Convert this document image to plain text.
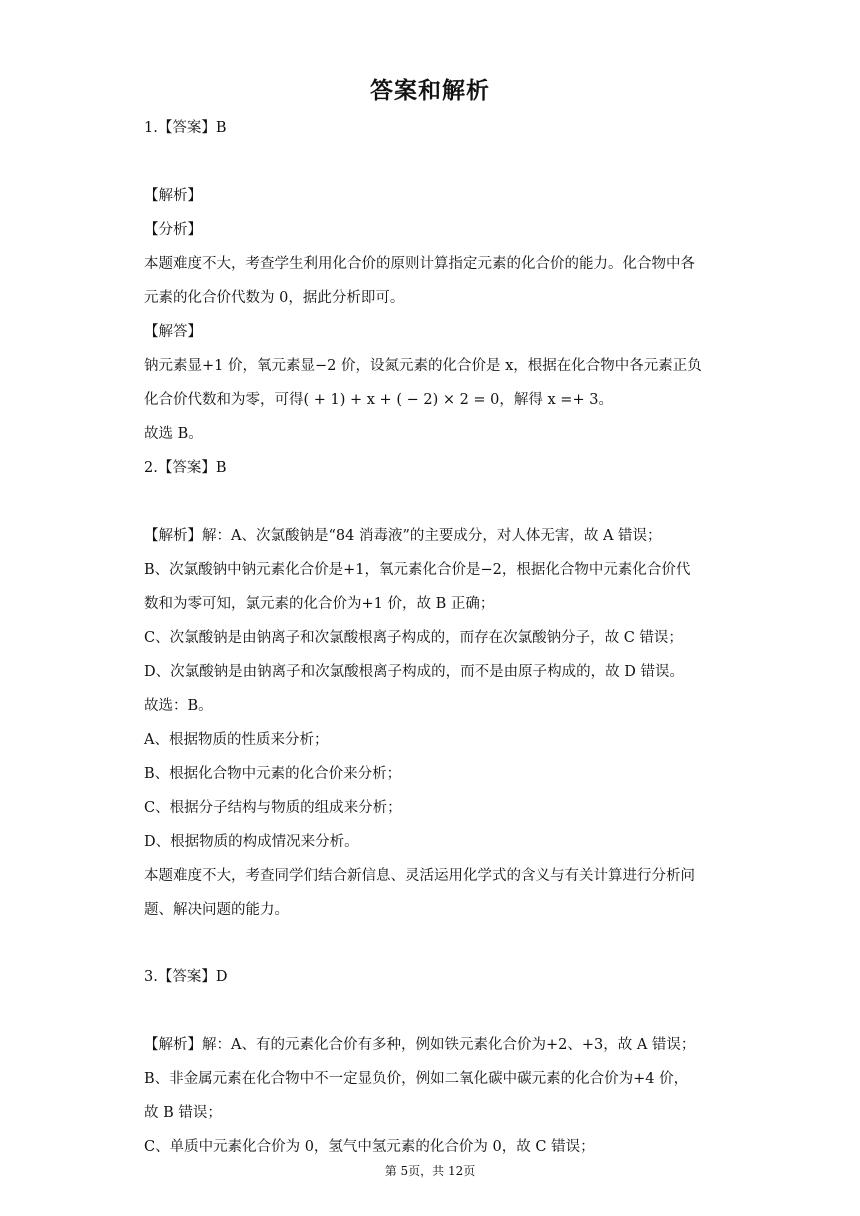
答案和解析
1.【答案】B
【解析】
【分析】
本题难度不大，考查学生利用化合价的原则计算指定元素的化合价的能力。化合物中各
元素的化合价代数为 0，据此分析即可。
【解答】
钠元素显+1 价，氧元素显−2 价，设氮元素的化合价是 x，根据在化合物中各元素正负
化合价代数和为零，可得( + 1) + x + ( − 2) × 2 = 0，解得 x =+ 3。
故选 B。
2.【答案】B
【解析】解：A、次氯酸钠是“84 消毒液”的主要成分，对人体无害，故 A 错误；
B、次氯酸钠中钠元素化合价是+1，氧元素化合价是−2，根据化合物中元素化合价代
数和为零可知，氯元素的化合价为+1 价，故 B 正确；
C、次氯酸钠是由钠离子和次氯酸根离子构成的，而存在次氯酸钠分子，故 C 错误；
D、次氯酸钠是由钠离子和次氯酸根离子构成的，而不是由原子构成的，故 D 错误。
故选：B。
A、根据物质的性质来分析；
B、根据化合物中元素的化合价来分析；
C、根据分子结构与物质的组成来分析；
D、根据物质的构成情况来分析。
本题难度不大，考查同学们结合新信息、灵活运用化学式的含义与有关计算进行分析问
题、解决问题的能力。
3.【答案】D
【解析】解：A、有的元素化合价有多种，例如铁元素化合价为+2、+3，故 A 错误；
B、非金属元素在化合物中不一定显负价，例如二氧化碳中碳元素的化合价为+4 价，
故 B 错误；
C、单质中元素化合价为 0，氢气中氢元素的化合价为 0，故 C 错误；
第 5页，共 12页
